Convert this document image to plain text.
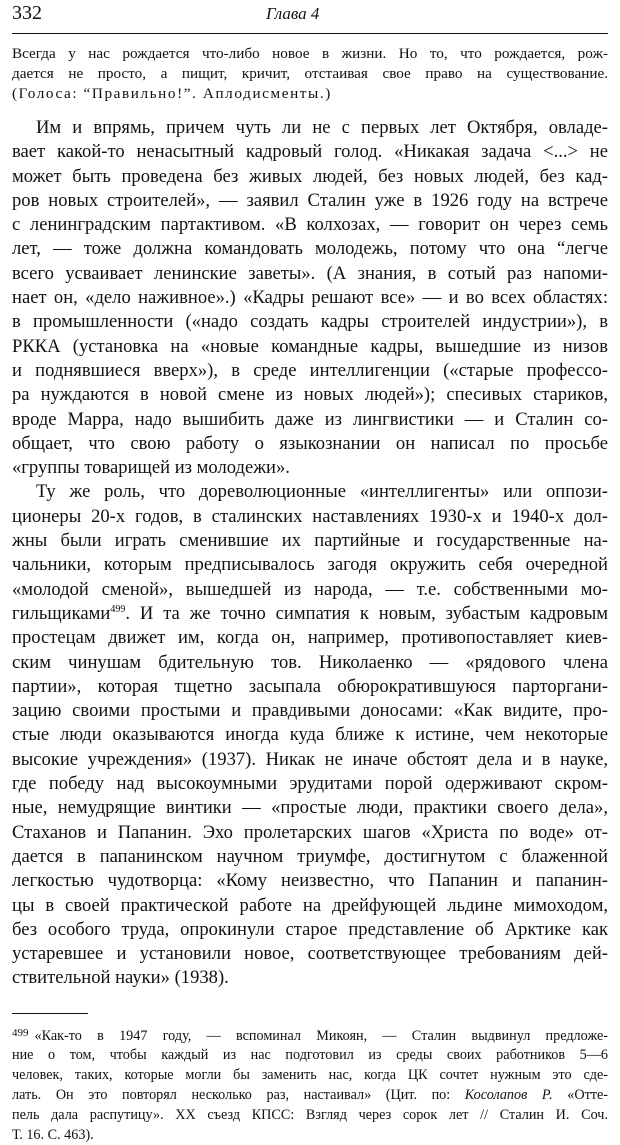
332	Глава 4
Всегда у нас рождается что-либо новое в жизни. Но то, что рождается, рож-
дается не просто, а пищит, кричит, отстаивая свое право на существование.
(Голоса: “Правильно!”. Аплодисменты.)
Им и впрямь, причем чуть ли не с первых лет Октября, овладе-
вает какой-то ненасытный кадровый голод. «Никакая задача <...> не
может быть проведена без живых людей, без новых людей, без кад-
ров новых строителей», — заявил Сталин уже в 1926 году на встрече
с ленинградским партактивом. «В колхозах, — говорит он через семь
лет, — тоже должна командовать молодежь, потому что она “легче
всего усваивает ленинские заветы». (А знания, в сотый раз напоми-
нает он, «дело наживное».) «Кадры решают все» — и во всех областях:
в промышленности («надо создать кадры строителей индустрии»), в
РККА (установка на «новые командные кадры, вышедшие из низов
и поднявшиеся вверх»), в среде интеллигенции («старые профессо-
ра нуждаются в новой смене из новых людей»); спесивых стариков,
вроде Марра, надо вышибить даже из лингвистики — и Сталин со-
общает, что свою работу о языкознании он написал по просьбе
«группы товарищей из молодежи».
Ту же роль, что дореволюционные «интеллигенты» или оппози-
ционеры 20-х годов, в сталинских наставлениях 1930-х и 1940-х дол-
жны были играть сменившие их партийные и государственные на-
чальники, которым предписывалось загодя окружить себя очередной
«молодой сменой», вышедшей из народа, — т.е. собственными мо-
гильщиками$^{499}$. И та же точно симпатия к новым, зубастым кадровым
простецам движет им, когда он, например, противопоставляет киев-
ским чинушам бдительную тов. Николаенко — «рядового члена
партии», которая тщетно засыпала обюрократившуюся парторгани-
зацию своими простыми и правдивыми доносами: «Как видите, про-
стые люди оказываются иногда куда ближе к истине, чем некоторые
высокие учреждения» (1937). Никак не иначе обстоят дела и в науке,
где победу над высокоумными эрудитами порой одерживают скром-
ные, немудрящие винтики — «простые люди, практики своего дела»,
Стаханов и Папанин. Эхо пролетарских шагов «Христа по воде» от-
дается в папанинском научном триумфе, достигнутом с блаженной
легкостью чудотворца: «Кому неизвестно, что Папанин и папанин-
цы в своей практической работе на дрейфующей льдине мимоходом,
без особого труда, опрокинули старое представление об Арктике как
устаревшее и установили новое, соответствующее требованиям дей-
ствительной науки» (1938).
$^{499}$ «Как-то в 1947 году, — вспоминал Микоян, — Сталин выдвинул предложе-
ние о том, чтобы каждый из нас подготовил из среды своих работников 5—6
человек, таких, которые могли бы заменить нас, когда ЦК сочтет нужным это сде-
лать. Он это повторял несколько раз, настаивал» (Цит. по: Косолапов Р. «Отте-
пель дала распутицу». XX съезд КПСС: Взгляд через сорок лет // Сталин И. Соч.
Т. 16. С. 463).
